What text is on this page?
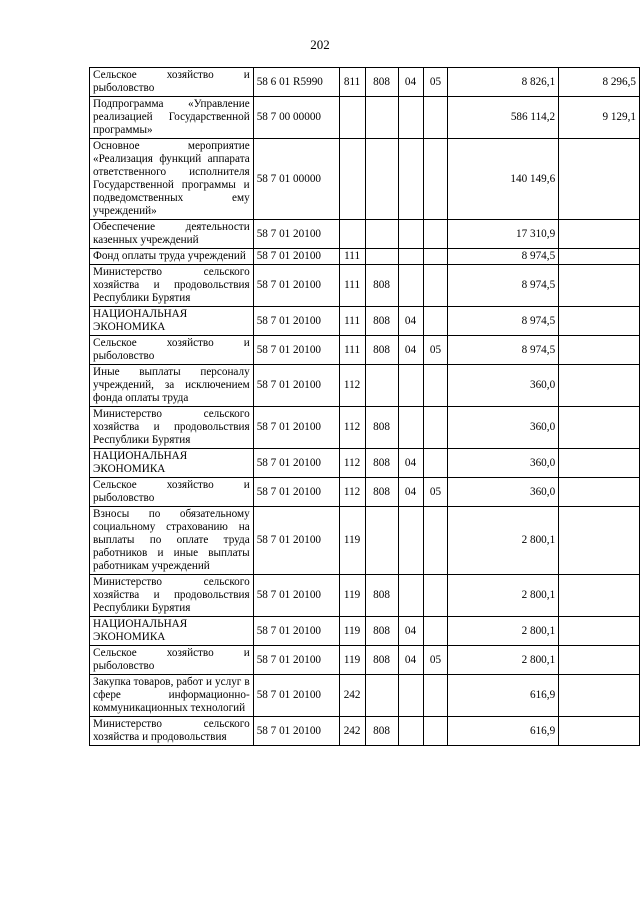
202
Сельское хозяйство и рыболовство	58 6 01 R5990	811	808	04	05	8 826,1	8 296,5
Подпрограмма «Управление реализацией Государственной программы»	58 7 00 00000					586 114,2	9 129,1
Основное мероприятие «Реализация функций аппарата ответственного исполнителя Государственной программы и подведомственных ему учреждений»	58 7 01 00000					140 149,6	
Обеспечение деятельности казенных учреждений	58 7 01 20100					17 310,9	
Фонд оплаты труда учреждений	58 7 01 20100	111				8 974,5	
Министерство сельского хозяйства и продовольствия Республики Бурятия	58 7 01 20100	111	808			8 974,5	
НАЦИОНАЛЬНАЯ ЭКОНОМИКА	58 7 01 20100	111	808	04		8 974,5	
Сельское хозяйство и рыболовство	58 7 01 20100	111	808	04	05	8 974,5	
Иные выплаты персоналу учреждений, за исключением фонда оплаты труда	58 7 01 20100	112				360,0	
Министерство сельского хозяйства и продовольствия Республики Бурятия	58 7 01 20100	112	808			360,0	
НАЦИОНАЛЬНАЯ ЭКОНОМИКА	58 7 01 20100	112	808	04		360,0	
Сельское хозяйство и рыболовство	58 7 01 20100	112	808	04	05	360,0	
Взносы по обязательному социальному страхованию на выплаты по оплате труда работников и иные выплаты работникам учреждений	58 7 01 20100	119				2 800,1	
Министерство сельского хозяйства и продовольствия Республики Бурятия	58 7 01 20100	119	808			2 800,1	
НАЦИОНАЛЬНАЯ ЭКОНОМИКА	58 7 01 20100	119	808	04		2 800,1	
Сельское хозяйство и рыболовство	58 7 01 20100	119	808	04	05	2 800,1	
Закупка товаров, работ и услуг в сфере информационно-коммуникационных технологий	58 7 01 20100	242				616,9	
Министерство сельского хозяйства и продовольствия	58 7 01 20100	242	808			616,9	
